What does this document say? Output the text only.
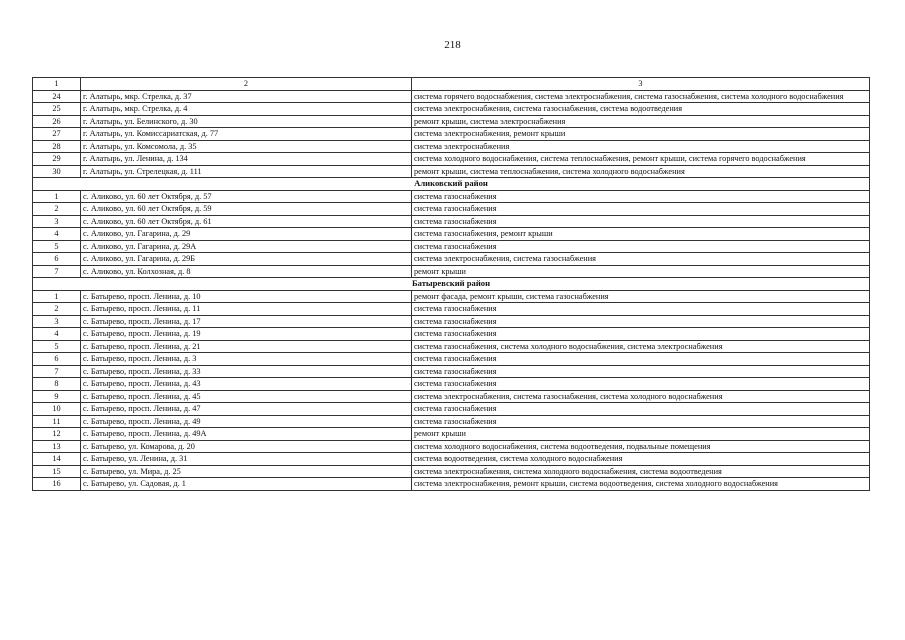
218
1	2	3
24	г. Алатырь, мкр. Стрелка, д. 37	система горячего водоснабжения, система электроснабжения, система газоснабжения, система холодного водоснабжения
25	г. Алатырь, мкр. Стрелка, д. 4	система электроснабжения, система газоснабжения, система водоотведения
26	г. Алатырь, ул. Белинского, д. 30	ремонт крыши, система электроснабжения
27	г. Алатырь, ул. Комиссариатская, д. 77	система электроснабжения, ремонт крыши
28	г. Алатырь, ул. Комсомола, д. 35	система электроснабжения
29	г. Алатырь, ул. Ленина, д. 134	система холодного водоснабжения, система теплоснабжения, ремонт крыши, система горячего водоснабжения
30	г. Алатырь, ул. Стрелецкая, д. 111	ремонт крыши, система теплоснабжения, система холодного водоснабжения
Аликовский район		
1	с. Аликово, ул. 60 лет Октября, д. 57	система газоснабжения
2	с. Аликово, ул. 60 лет Октября, д. 59	система газоснабжения
3	с. Аликово, ул. 60 лет Октября, д. 61	система газоснабжения
4	с. Аликово, ул. Гагарина, д. 29	система газоснабжения, ремонт крыши
5	с. Аликово, ул. Гагарина, д. 29А	система газоснабжения
6	с. Аликово, ул. Гагарина, д. 29Б	система электроснабжения, система газоснабжения
7	с. Аликово, ул. Колхозная, д. 8	ремонт крыши
Батыревский район		
1	с. Батырево, просп. Ленина, д. 10	ремонт фасада, ремонт крыши, система газоснабжения
2	с. Батырево, просп. Ленина, д. 11	система газоснабжения
3	с. Батырево, просп. Ленина, д. 17	система газоснабжения
4	с. Батырево, просп. Ленина, д. 19	система газоснабжения
5	с. Батырево, просп. Ленина, д. 21	система газоснабжения, система холодного водоснабжения, система электроснабжения
6	с. Батырево, просп. Ленина, д. 3	система газоснабжения
7	с. Батырево, просп. Ленина, д. 33	система газоснабжения
8	с. Батырево, просп. Ленина, д. 43	система газоснабжения
9	с. Батырево, просп. Ленина, д. 45	система электроснабжения, система газоснабжения, система холодного водоснабжения
10	с. Батырево, просп. Ленина, д. 47	система газоснабжения
11	с. Батырево, просп. Ленина, д. 49	система газоснабжения
12	с. Батырево, просп. Ленина, д. 49А	ремонт крыши
13	с. Батырево, ул. Комарова, д. 20	система холодного водоснабжения, система водоотведения, подвальные помещения
14	с. Батырево, ул. Ленина, д. 31	система водоотведения, система холодного водоснабжения
15	с. Батырево, ул. Мира, д. 25	система электроснабжения, система холодного водоснабжения, система водоотведения
16	с. Батырево, ул. Садовая, д. 1	система электроснабжения, ремонт крыши, система водоотведения, система холодного водоснабжения
